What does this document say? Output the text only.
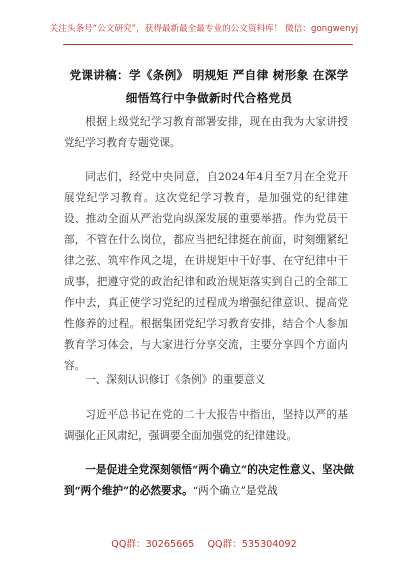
关注头条号“公文研究”，获得最新最全最专业的公文资料库！ 微信：gongwenyj
党课讲稿：学《条例》 明规矩 严自律 树形象 在深学细悟笃行中争做新时代合格党员

根据上级党纪学习教育部署安排，现在由我为大家讲授党纪学习教育专题党课。

同志们，经党中央同意，自2024年4月至7月在全党开展党纪学习教育。这次党纪学习教育，是加强党的纪律建设、推动全面从严治党向纵深发展的重要举措。作为党员干部，不管在什么岗位，都应当把纪律挺在前面，时刻绷紧纪律之弦、筑牢作风之堤，在讲规矩中干好事、在守纪律中干成事，把遵守党的政治纪律和政治规矩落实到自己的全部工作中去，真正使学习党纪的过程成为增强纪律意识、提高党性修养的过程。根据集团党纪学习教育安排，结合个人参加教育学习体会，与大家进行分享交流，主要分享四个方面内容。

一、深刻认识修订《条例》的重要意义

习近平总书记在党的二十大报告中指出，坚持以严的基调强化正风肃纪，强调要全面加强党的纪律建设。

一是促进全党深刻领悟“两个确立”的决定性意义、坚决做到“两个维护”的必然要求。“两个确立”是党战

QQ群：30265665 QQ群：535304092
